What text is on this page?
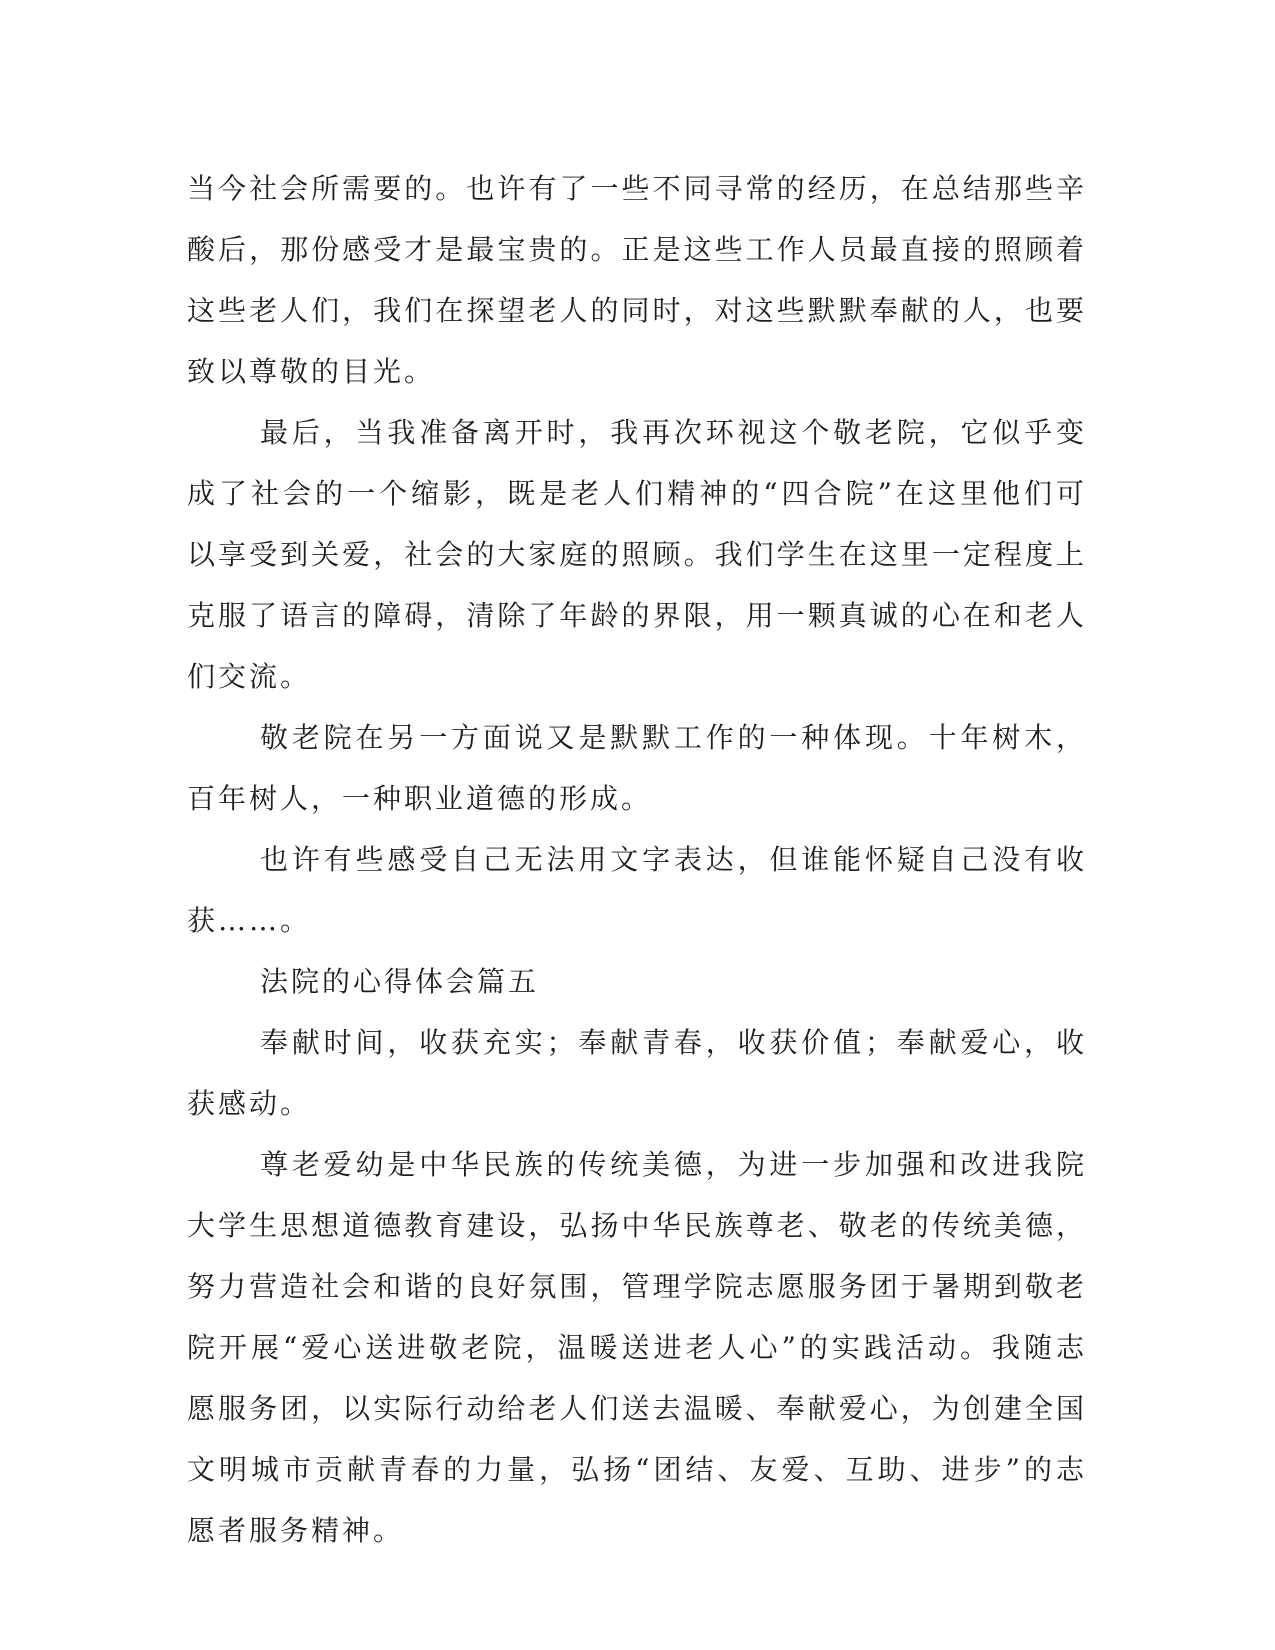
当今社会所需要的。也许有了一些不同寻常的经历，在总结那些辛酸后，那份感受才是最宝贵的。正是这些工作人员最直接的照顾着这些老人们，我们在探望老人的同时，对这些默默奉献的人，也要致以尊敬的目光。

最后，当我准备离开时，我再次环视这个敬老院，它似乎变成了社会的一个缩影，既是老人们精神的“四合院”在这里他们可以享受到关爱，社会的大家庭的照顾。我们学生在这里一定程度上克服了语言的障碍，清除了年龄的界限，用一颗真诚的心在和老人们交流。

敬老院在另一方面说又是默默工作的一种体现。十年树木，百年树人，一种职业道德的形成。

也许有些感受自己无法用文字表达，但谁能怀疑自己没有收获……。

法院的心得体会篇五

奉献时间，收获充实；奉献青春，收获价值；奉献爱心，收获感动。

尊老爱幼是中华民族的传统美德，为进一步加强和改进我院大学生思想道德教育建设，弘扬中华民族尊老、敬老的传统美德，努力营造社会和谐的良好氛围，管理学院志愿服务团于暑期到敬老院开展“爱心送进敬老院，温暖送进老人心”的实践活动。我随志愿服务团，以实际行动给老人们送去温暖、奉献爱心，为创建全国文明城市贡献青春的力量，弘扬“团结、友爱、互助、进步”的志愿者服务精神。
